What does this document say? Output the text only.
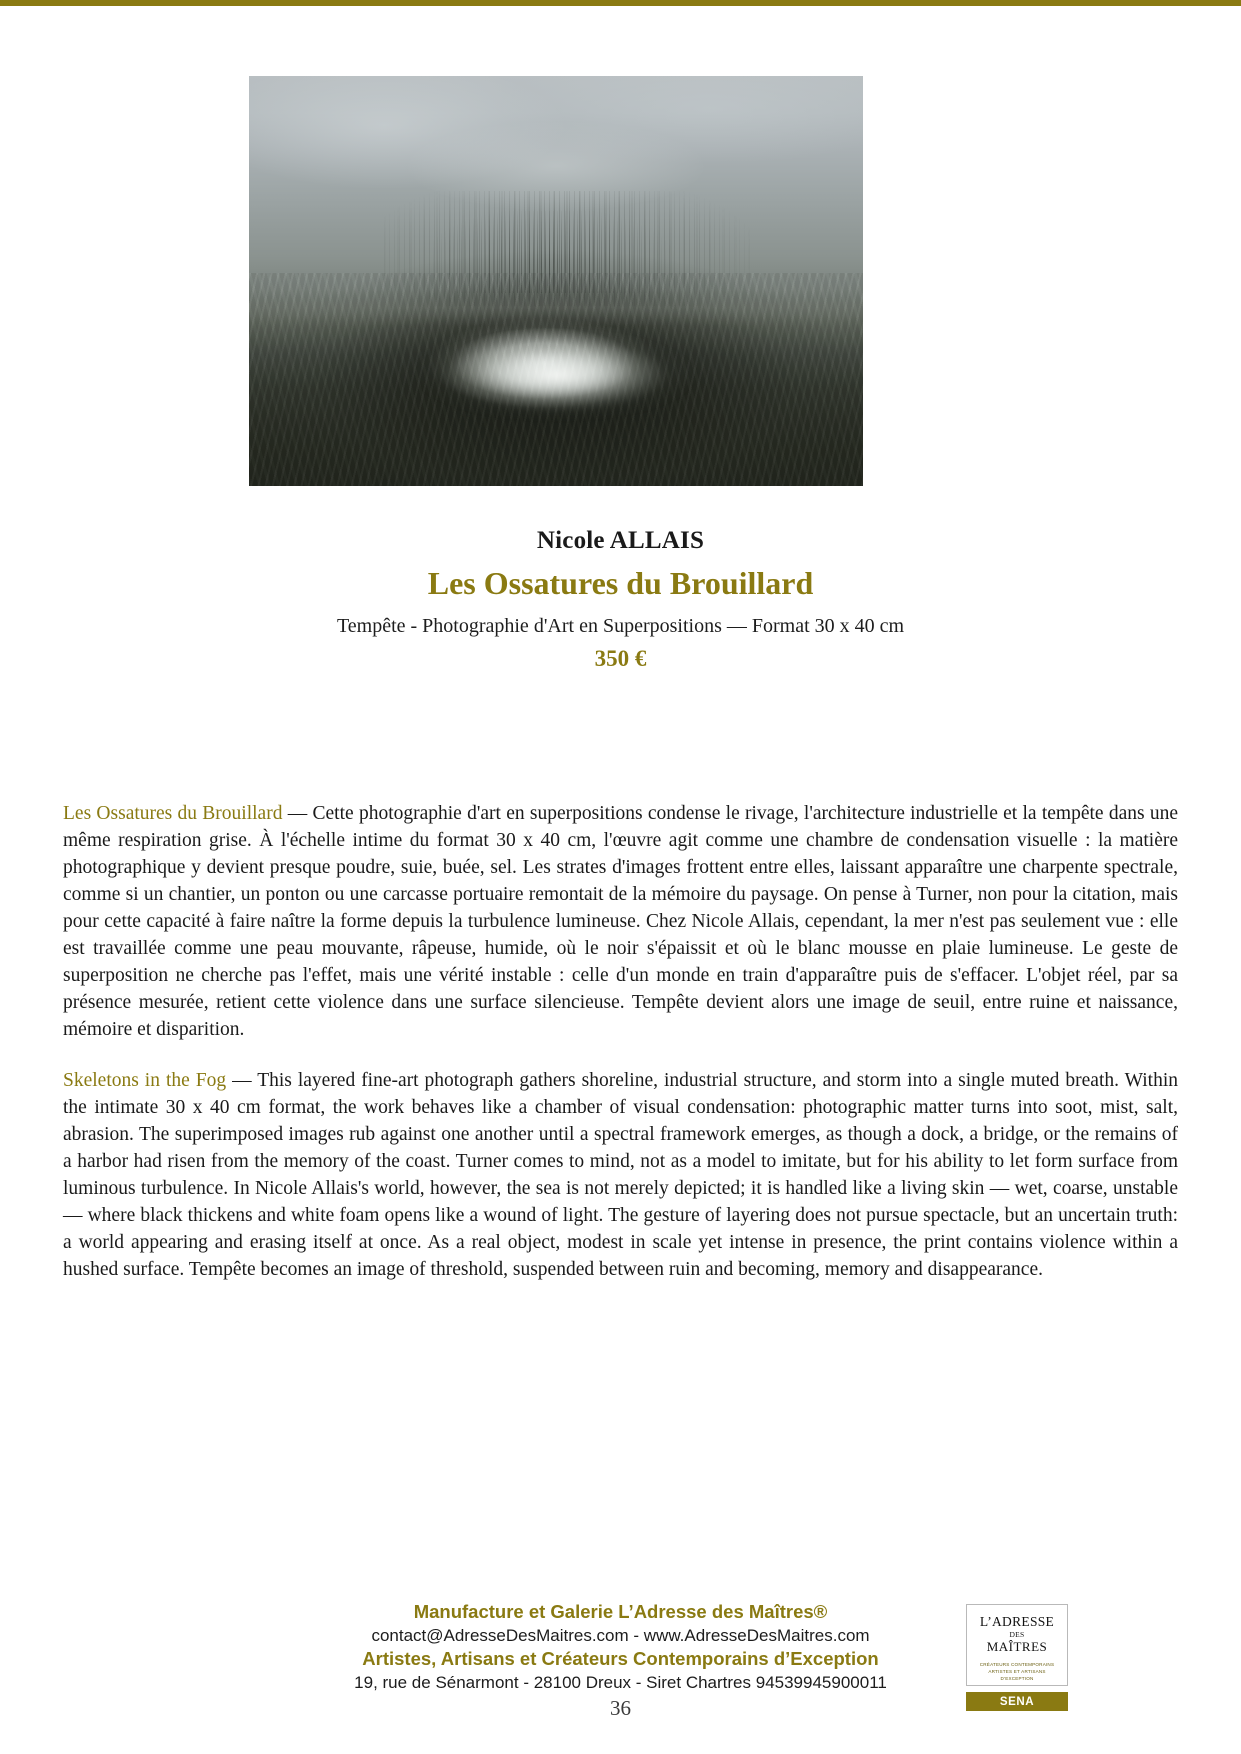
Nicole ALLAIS
Les Ossatures du Brouillard
Tempête - Photographie d'Art en Superpositions — Format 30 x 40 cm
350 €

Les Ossatures du Brouillard — Cette photographie d'art en superpositions condense le rivage, l'architecture industrielle et la tempête dans une même respiration grise. À l'échelle intime du format 30 x 40 cm, l'œuvre agit comme une chambre de condensation visuelle : la matière photographique y devient presque poudre, suie, buée, sel. Les strates d'images frottent entre elles, laissant apparaître une charpente spectrale, comme si un chantier, un ponton ou une carcasse portuaire remontait de la mémoire du paysage. On pense à Turner, non pour la citation, mais pour cette capacité à faire naître la forme depuis la turbulence lumineuse. Chez Nicole Allais, cependant, la mer n'est pas seulement vue : elle est travaillée comme une peau mouvante, râpeuse, humide, où le noir s'épaissit et où le blanc mousse en plaie lumineuse. Le geste de superposition ne cherche pas l'effet, mais une vérité instable : celle d'un monde en train d'apparaître puis de s'effacer. L'objet réel, par sa présence mesurée, retient cette violence dans une surface silencieuse. Tempête devient alors une image de seuil, entre ruine et naissance, mémoire et disparition.

Skeletons in the Fog — This layered fine-art photograph gathers shoreline, industrial structure, and storm into a single muted breath. Within the intimate 30 x 40 cm format, the work behaves like a chamber of visual condensation: photographic matter turns into soot, mist, salt, abrasion. The superimposed images rub against one another until a spectral framework emerges, as though a dock, a bridge, or the remains of a harbor had risen from the memory of the coast. Turner comes to mind, not as a model to imitate, but for his ability to let form surface from luminous turbulence. In Nicole Allais's world, however, the sea is not merely depicted; it is handled like a living skin — wet, coarse, unstable — where black thickens and white foam opens like a wound of light. The gesture of layering does not pursue spectacle, but an uncertain truth: a world appearing and erasing itself at once. As a real object, modest in scale yet intense in presence, the print contains violence within a hushed surface. Tempête becomes an image of threshold, suspended between ruin and becoming, memory and disappearance.

L’ADRESSE
DES
MAÎTRES
CRÉATEURS CONTEMPORAINS
ARTISTES ET ARTISANS
D’EXCEPTION
SENA
Manufacture et Galerie L’Adresse des Maîtres®
contact@AdresseDesMaitres.com - www.AdresseDesMaitres.com
Artistes, Artisans et Créateurs Contemporains d’Exception
19, rue de Sénarmont - 28100 Dreux - Siret Chartres 94539945900011
36
